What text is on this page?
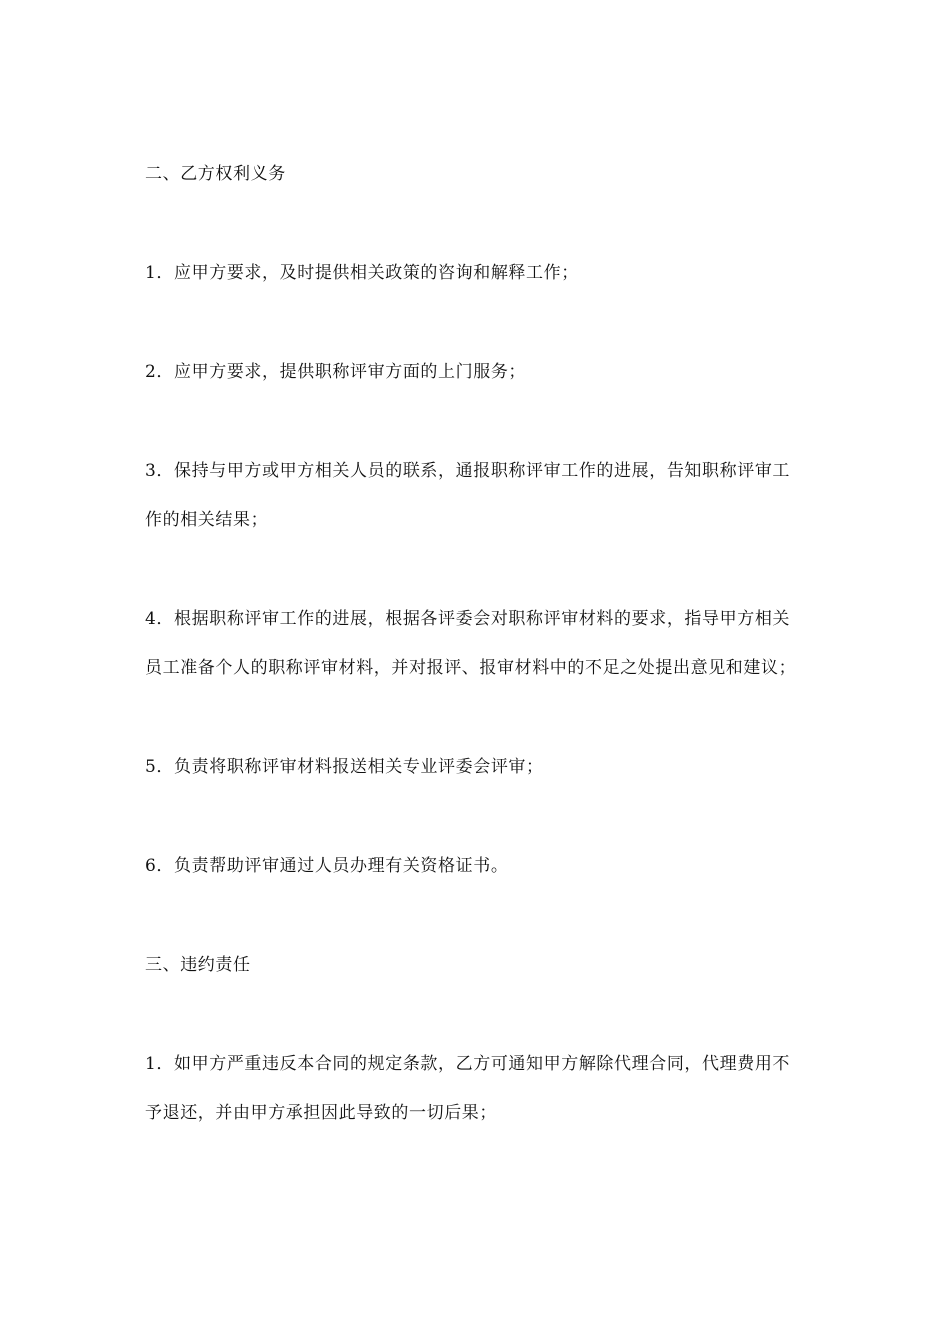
二、乙方权利义务

1．应甲方要求，及时提供相关政策的咨询和解释工作；

2．应甲方要求，提供职称评审方面的上门服务；

3．保持与甲方或甲方相关人员的联系，通报职称评审工作的进展，告知职称评审工作的相关结果；

4．根据职称评审工作的进展，根据各评委会对职称评审材料的要求，指导甲方相关员工准备个人的职称评审材料，并对报评、报审材料中的不足之处提出意见和建议；

5．负责将职称评审材料报送相关专业评委会评审；

6．负责帮助评审通过人员办理有关资格证书。

三、违约责任

1．如甲方严重违反本合同的规定条款，乙方可通知甲方解除代理合同，代理费用不予退还，并由甲方承担因此导致的一切后果；
